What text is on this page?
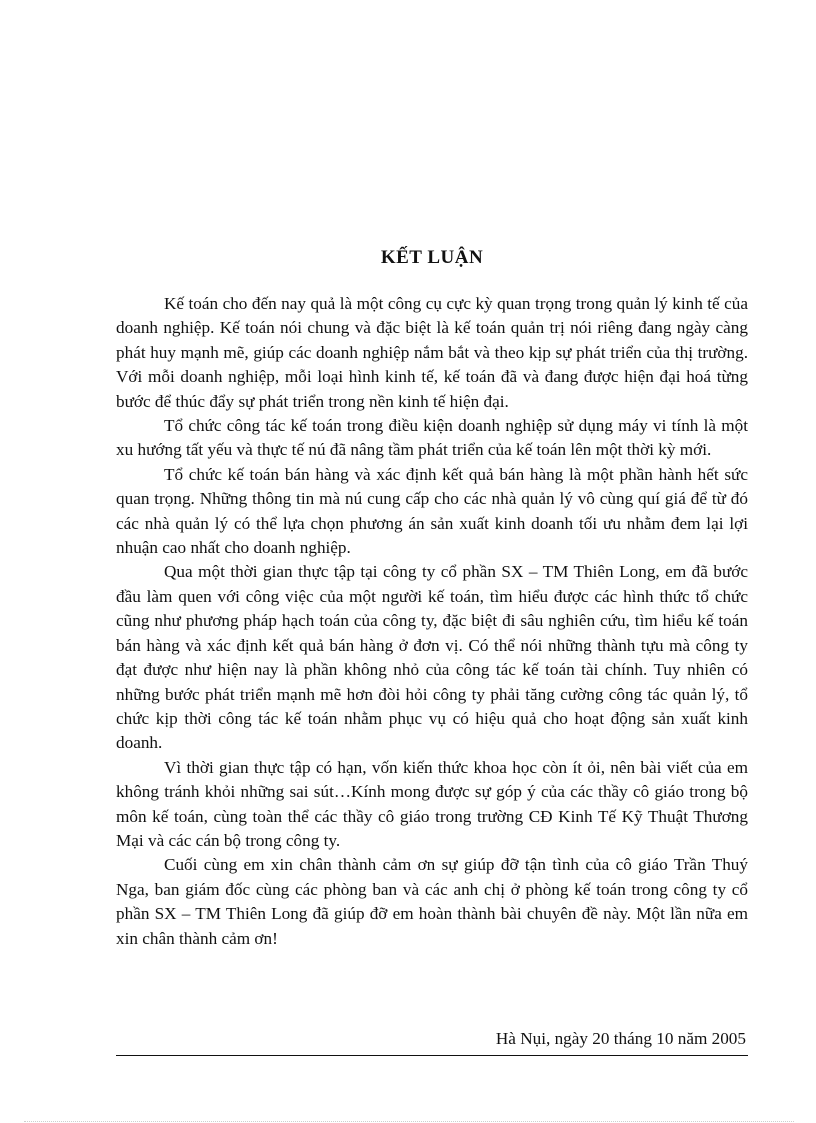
KẾT LUẬN

Kế toán cho đến nay quả là một công cụ cực kỳ quan trọng trong quản lý kinh tế của doanh nghiệp. Kế toán nói chung và đặc biệt là kế toán quản trị nói riêng đang ngày càng phát huy mạnh mẽ, giúp các doanh nghiệp nắm bắt và theo kịp sự phát triển của thị trường. Với mỗi doanh nghiệp, mỗi loại hình kinh tế, kế toán đã và đang được hiện đại hoá từng bước để thúc đẩy sự phát triển trong nền kinh tế hiện đại.

Tổ chức công tác kế toán trong điều kiện doanh nghiệp sử dụng máy vi tính là một xu hướng tất yếu và thực tế nú đã nâng tầm phát triển của kế toán lên một thời kỳ mới.

Tổ chức kế toán bán hàng và xác định kết quả bán hàng là một phần hành hết sức quan trọng. Những thông tin mà nú cung cấp cho các nhà quản lý vô cùng quí giá để từ đó các nhà quản lý có thể lựa chọn phương án sản xuất kinh doanh tối ưu nhằm đem lại lợi nhuận cao nhất cho doanh nghiệp.

Qua một thời gian thực tập tại công ty cổ phần SX – TM Thiên Long, em đã bước đầu làm quen với công việc của một người kế toán, tìm hiểu được các hình thức tổ chức cũng như phương pháp hạch toán của công ty, đặc biệt đi sâu nghiên cứu, tìm hiểu kế toán bán hàng và xác định kết quả bán hàng ở đơn vị. Có thể nói những thành tựu mà công ty đạt được như hiện nay là phần không nhỏ của công tác kế toán tài chính. Tuy nhiên có những bước phát triển mạnh mẽ hơn đòi hỏi công ty phải tăng cường công tác quản lý, tổ chức kịp thời công tác kế toán nhằm phục vụ có hiệu quả cho hoạt động sản xuất kinh doanh.

Vì thời gian thực tập có hạn, vốn kiến thức khoa học còn ít ỏi, nên bài viết của em không tránh khỏi những sai sút…Kính mong được sự góp ý của các thầy cô giáo trong bộ môn kế toán, cùng toàn thể các thầy cô giáo trong trường CĐ Kinh Tế Kỹ Thuật Thương Mại và các cán bộ trong công ty.

Cuối cùng em xin chân thành cảm ơn sự giúp đỡ tận tình của cô giáo Trần Thuý Nga, ban giám đốc cùng các phòng ban và các anh chị ở phòng kế toán trong công ty cổ phần SX – TM Thiên Long đã giúp đỡ em hoàn thành bài chuyên đề này. Một lần nữa em xin chân thành cảm ơn!

Hà Nụi, ngày 20 tháng 10 năm 2005
